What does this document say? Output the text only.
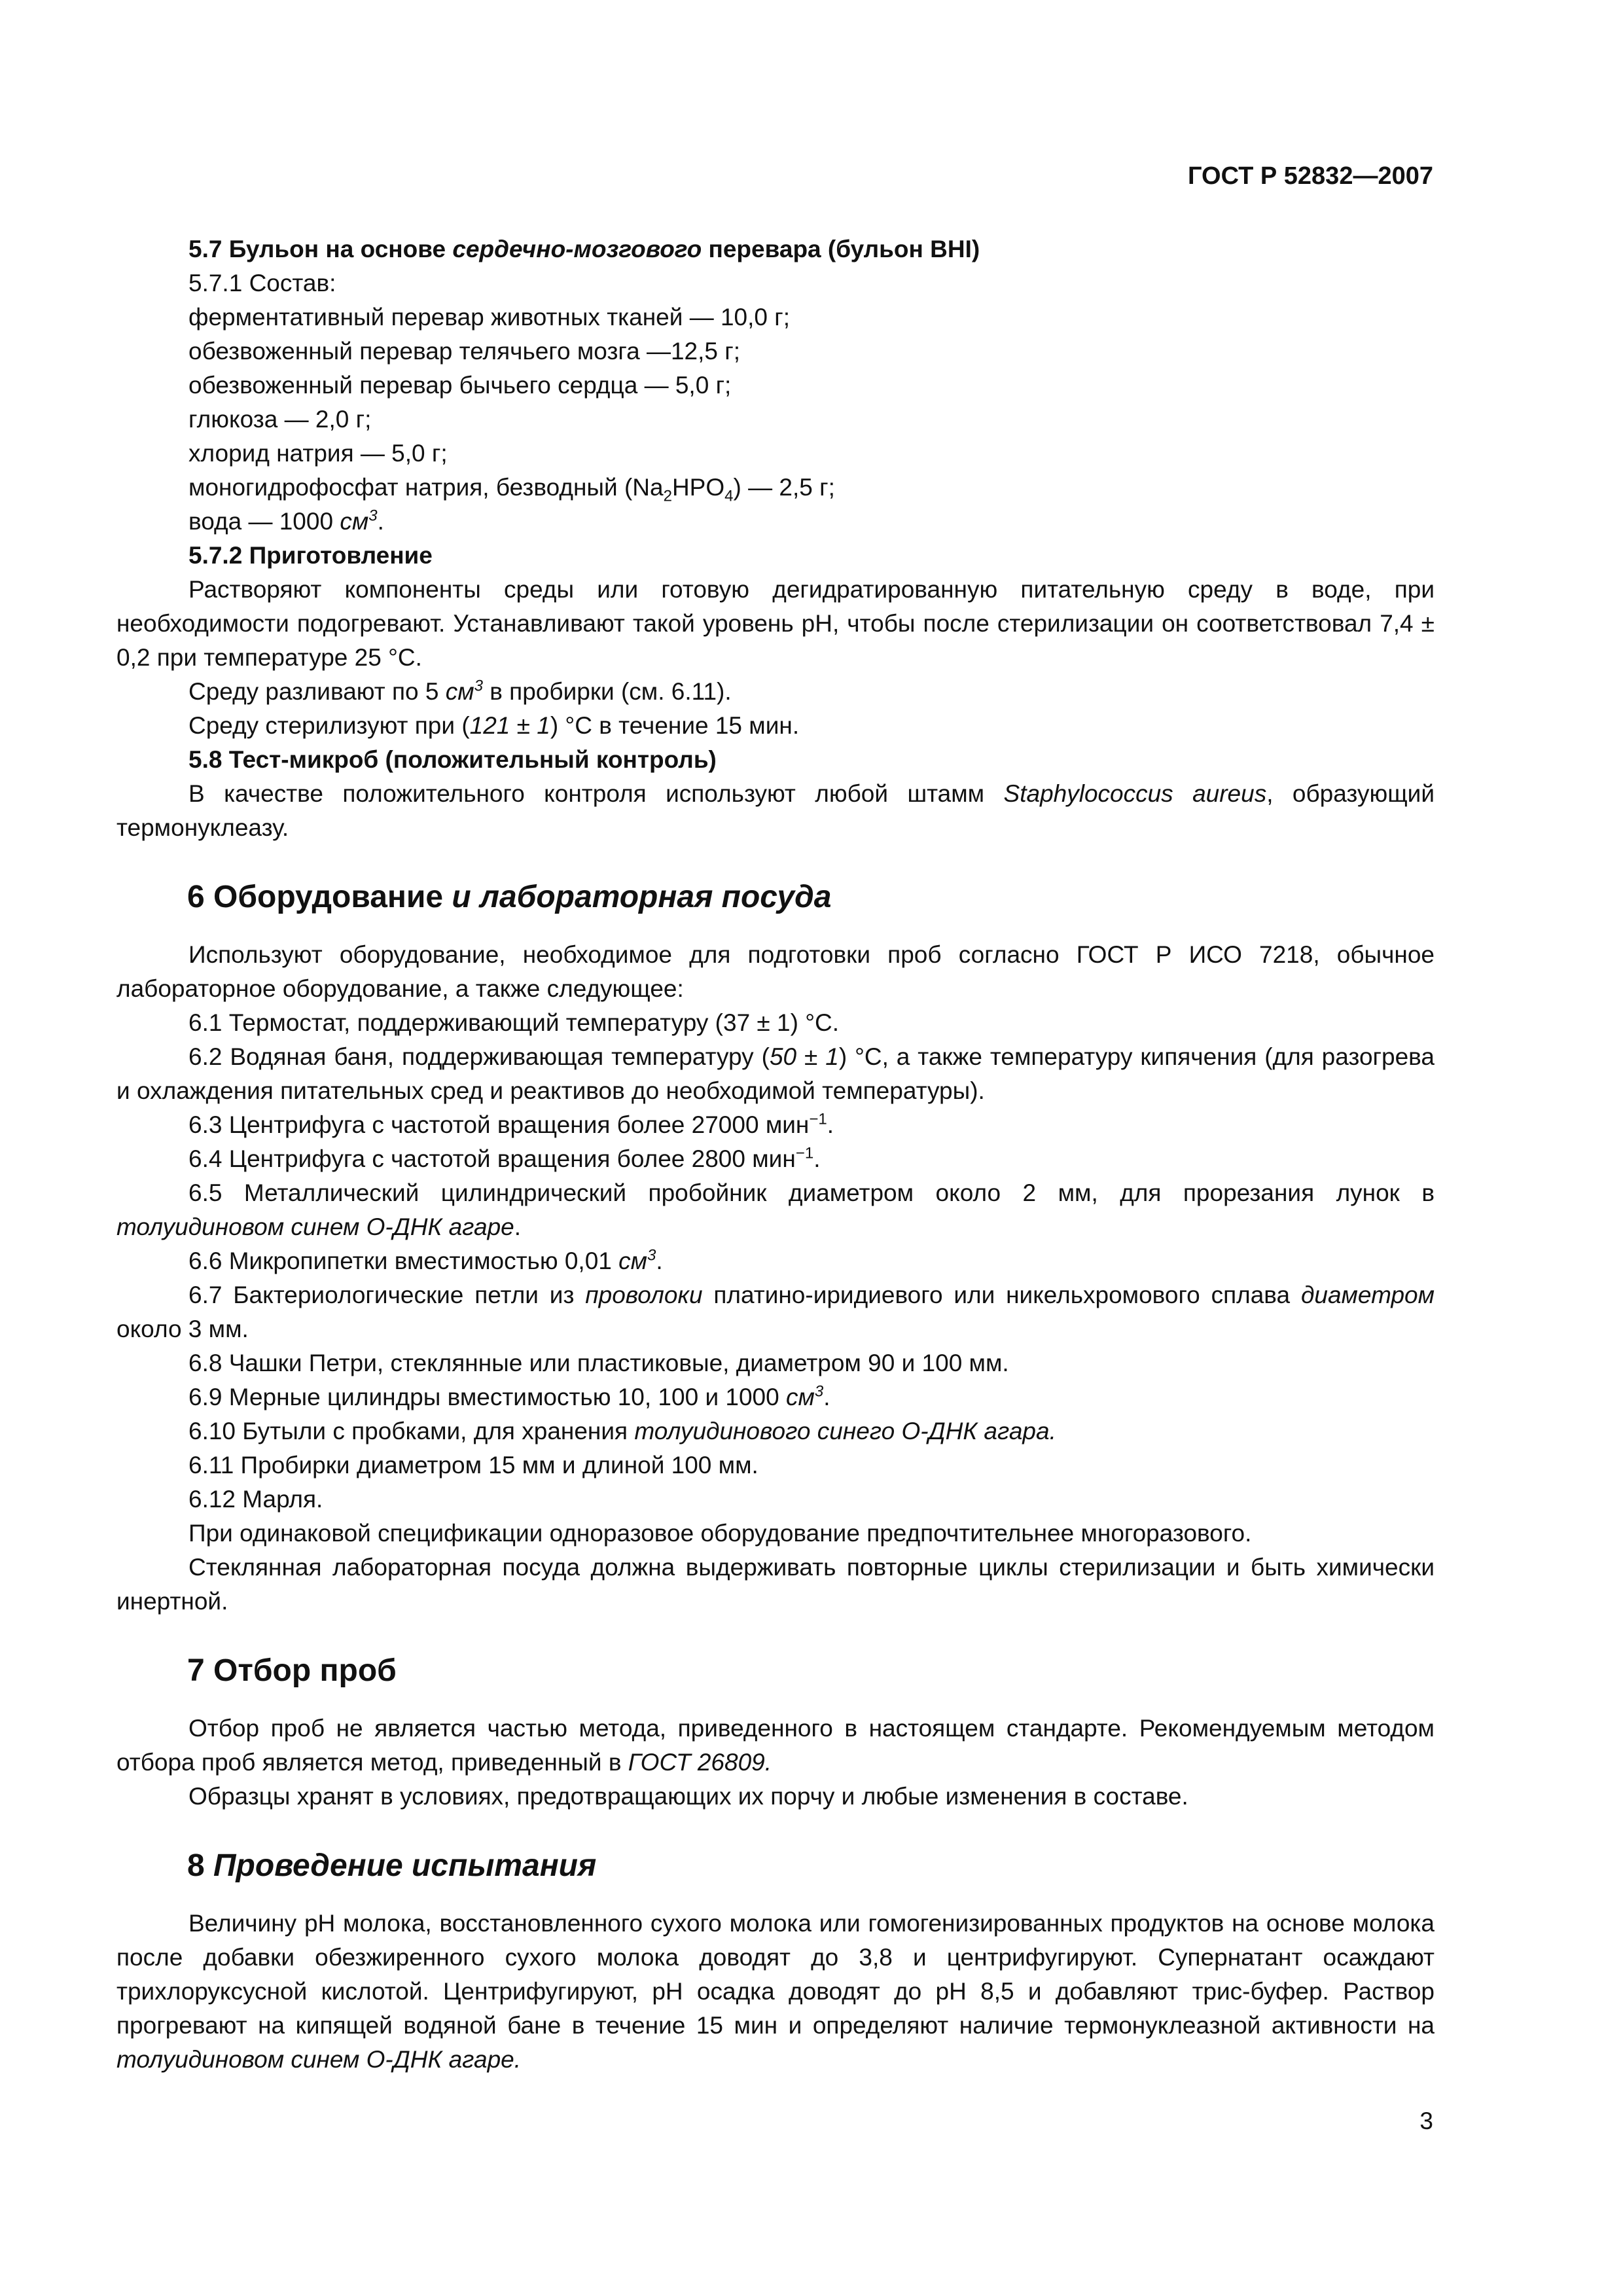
ГОСТ Р 52832—2007

5.7 Бульон на основе сердечно-мозгового перевара (бульон BHI)

5.7.1 Состав:

ферментативный перевар животных тканей — 10,0 г;

обезвоженный перевар телячьего мозга —12,5 г;

обезвоженный перевар бычьего сердца — 5,0 г;

глюкоза — 2,0 г;

хлорид натрия — 5,0 г;

моногидрофосфат натрия, безводный $(Na_2HPO_4)$ — 2,5 г;

вода — 1000 $см^3$.

5.7.2 Приготовление

Растворяют компоненты среды или готовую дегидратированную питательную среду в воде, при необходимости подогревают. Устанавливают такой уровень рН, чтобы после стерилизации он соответствовал 7,4 ± 0,2 при температуре 25 °С.

Среду разливают по 5 $см^3$ в пробирки (см. 6.11).

Среду стерилизуют при (121 ± 1) °С в течение 15 мин.

5.8 Тест-микроб (положительный контроль)

В качестве положительного контроля используют любой штамм Staphylococcus aureus, образующий термонуклеазу.

6 Оборудование и лабораторная посуда

Используют оборудование, необходимое для подготовки проб согласно ГОСТ Р ИСО 7218, обычное лабораторное оборудование, а также следующее:

6.1 Термостат, поддерживающий температуру (37 ± 1) °С.

6.2 Водяная баня, поддерживающая температуру (50 ± 1) °С, а также температуру кипячения (для разогрева и охлаждения питательных сред и реактивов до необходимой температуры).

6.3 Центрифуга с частотой вращения более 27000 мин$^{-1}$.

6.4 Центрифуга с частотой вращения более 2800 мин$^{-1}$.

6.5 Металлический цилиндрический пробойник диаметром около 2 мм, для прорезания лунок в толуидиновом синем О-ДНК агаре.

6.6 Микропипетки вместимостью 0,01 $см^3$.

6.7 Бактериологические петли из проволоки платино-иридиевого или никельхромового сплава диаметром около 3 мм.

6.8 Чашки Петри, стеклянные или пластиковые, диаметром 90 и 100 мм.

6.9 Мерные цилиндры вместимостью 10, 100 и 1000 $см^3$.

6.10 Бутыли с пробками, для хранения толуидинового синего О-ДНК агара.

6.11 Пробирки диаметром 15 мм и длиной 100 мм.

6.12 Марля.

При одинаковой спецификации одноразовое оборудование предпочтительнее многоразового.

Стеклянная лабораторная посуда должна выдерживать повторные циклы стерилизации и быть химически инертной.

7 Отбор проб

Отбор проб не является частью метода, приведенного в настоящем стандарте. Рекомендуемым методом отбора проб является метод, приведенный в ГОСТ 26809.

Образцы хранят в условиях, предотвращающих их порчу и любые изменения в составе.

8 Проведение испытания

Величину рН молока, восстановленного сухого молока или гомогенизированных продуктов на основе молока после добавки обезжиренного сухого молока доводят до 3,8 и центрифугируют. Супернатант осаждают трихлоруксусной кислотой. Центрифугируют, рН осадка доводят до рН 8,5 и добавляют трис-буфер. Раствор прогревают на кипящей водяной бане в течение 15 мин и определяют наличие термонуклеазной активности на толуидиновом синем О-ДНК агаре.

3
